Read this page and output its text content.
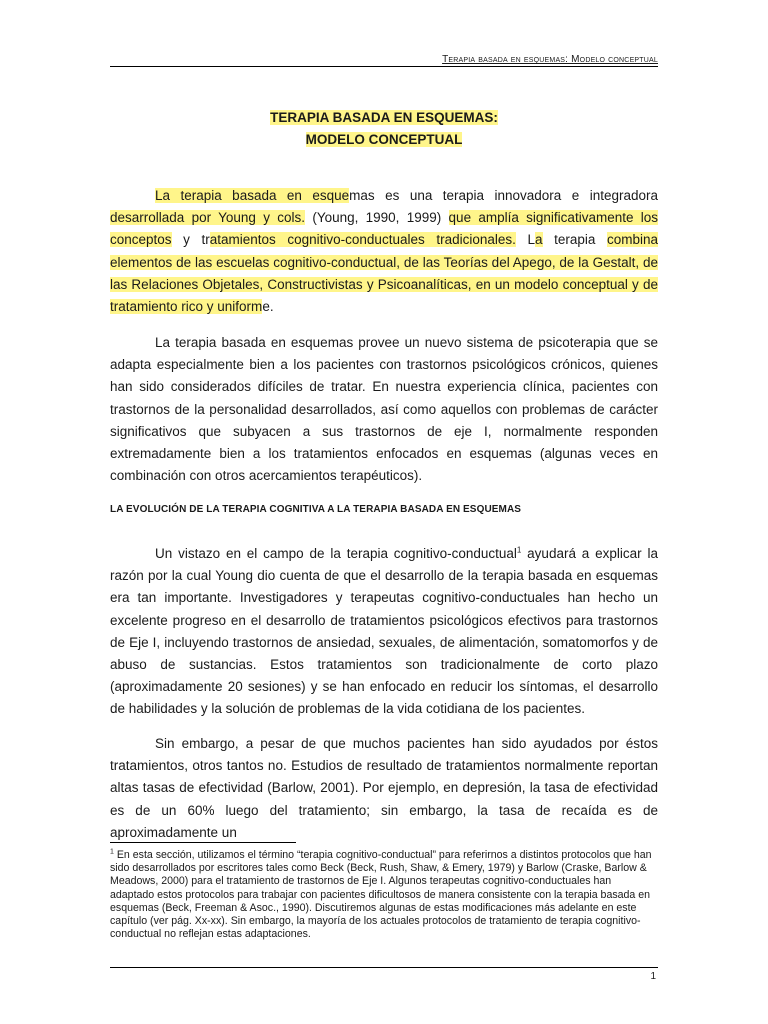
Terapia basada en esquemas: Modelo conceptual
TERAPIA BASADA EN ESQUEMAS:
MODELO CONCEPTUAL

La terapia basada en esquemas es una terapia innovadora e integradora desarrollada por Young y cols. (Young, 1990, 1999) que amplía significativamente los conceptos y tratamientos cognitivo-conductuales tradicionales. La terapia combina elementos de las escuelas cognitivo-conductual, de las Teorías del Apego, de la Gestalt, de las Relaciones Objetales, Constructivistas y Psicoanalíticas, en un modelo conceptual y de tratamiento rico y uniforme.

La terapia basada en esquemas provee un nuevo sistema de psicoterapia que se adapta especialmente bien a los pacientes con trastornos psicológicos crónicos, quienes han sido considerados difíciles de tratar. En nuestra experiencia clínica, pacientes con trastornos de la personalidad desarrollados, así como aquellos con problemas de carácter significativos que subyacen a sus trastornos de eje I, normalmente responden extremadamente bien a los tratamientos enfocados en esquemas (algunas veces en combinación con otros acercamientos terapéuticos).

LA EVOLUCIÓN DE LA TERAPIA COGNITIVA A LA TERAPIA BASADA EN ESQUEMAS

Un vistazo en el campo de la terapia cognitivo-conductual$^1$ ayudará a explicar la razón por la cual Young dio cuenta de que el desarrollo de la terapia basada en esquemas era tan importante. Investigadores y terapeutas cognitivo-conductuales han hecho un excelente progreso en el desarrollo de tratamientos psicológicos efectivos para trastornos de Eje I, incluyendo trastornos de ansiedad, sexuales, de alimentación, somatomorfos y de abuso de sustancias. Estos tratamientos son tradicionalmente de corto plazo (aproximadamente 20 sesiones) y se han enfocado en reducir los síntomas, el desarrollo de habilidades y la solución de problemas de la vida cotidiana de los pacientes.

Sin embargo, a pesar de que muchos pacientes han sido ayudados por éstos tratamientos, otros tantos no. Estudios de resultado de tratamientos normalmente reportan altas tasas de efectividad (Barlow, 2001). Por ejemplo, en depresión, la tasa de efectividad es de un 60% luego del tratamiento; sin embargo, la tasa de recaída es de aproximadamente un

$^1$ En esta sección, utilizamos el término “terapia cognitivo-conductual” para referirnos a distintos protocolos que han sido desarrollados por escritores tales como Beck (Beck, Rush, Shaw, & Emery, 1979) y Barlow (Craske, Barlow & Meadows, 2000) para el tratamiento de trastornos de Eje I. Algunos terapeutas cognitivo-conductuales han adaptado estos protocolos para trabajar con pacientes dificultosos de manera consistente con la terapia basada en esquemas (Beck, Freeman & Asoc., 1990). Discutiremos algunas de estas modificaciones más adelante en este capítulo (ver pág. Xx-xx). Sin embargo, la mayoría de los actuales protocolos de tratamiento de terapia cognitivo-conductual no reflejan estas adaptaciones.

1
